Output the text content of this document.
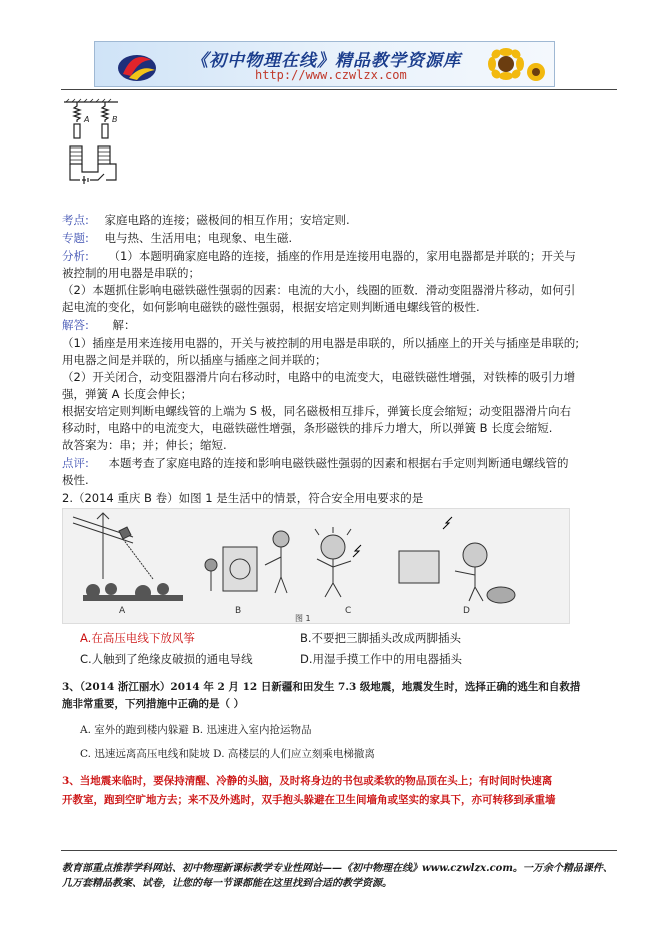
《初中物理在线》精品教学资源库
http://www.czwlzx.com
A	B
考点: 家庭电路的连接；磁极间的相互作用；安培定则.
专题: 电与热、生活用电；电现象、电生磁.
分析: （1）本题明确家庭电路的连接，插座的作用是连接用电器的，家用电器都是并联的；开关与
被控制的用电器是串联的；
（2）本题抓住影响电磁铁磁性强弱的因素：电流的大小，线圈的匝数．滑动变阻器滑片移动，如何引
起电流的变化，如何影响电磁铁的磁性强弱，根据安培定则判断通电螺线管的极性.
解答: 解：
（1）插座是用来连接用电器的，开关与被控制的用电器是串联的，所以插座上的开关与插座是串联的;
用电器之间是并联的，所以插座与插座之间并联的；
（2）开关闭合，动变阻器滑片向右移动时，电路中的电流变大，电磁铁磁性增强，对铁棒的吸引力增
强，弹簧 A 长度会伸长；
根据安培定则判断电螺线管的上端为 S 极，同名磁极相互排斥，弹簧长度会缩短；动变阻器滑片向右
移动时，电路中的电流变大，电磁铁磁性增强，条形磁铁的排斥力增大，所以弹簧 B 长度会缩短.
故答案为：串；并；伸长；缩短.
点评: 本题考查了家庭电路的连接和影响电磁铁磁性强弱的因素和根据右手定则判断通电螺线管的
极性.
2.（2014 重庆 B 卷）如图 1 是生活中的情景，符合安全用电要求的是
A	B	C	D
图 1
A.在高压电线下放风筝	B.不要把三脚插头改成两脚插头
C.人触到了绝缘皮破损的通电导线	D.用湿手摸工作中的用电器插头
3、（2014 浙江丽水）2014 年 2 月 12 日新疆和田发生 7.3 级地震，地震发生时，选择正确的逃生和自救措
施非常重要，下列措施中正确的是（ ）
A. 室外的跑到楼内躲避 B. 迅速进入室内抢运物品
C. 迅速远离高压电线和陡坡 D. 高楼层的人们应立刻乘电梯撤离
3、当地震来临时，要保持清醒、冷静的头脑，及时将身边的书包或柔软的物品顶在头上；有时间时快速离
开教室，跑到空旷地方去；来不及外逃时，双手抱头躲避在卫生间墙角或坚实的家具下，亦可转移到承重墙
教育部重点推荐学科网站、初中物理新课标教学专业性网站——《初中物理在线》www.czwlzx.com。一万余个精品课件、
几万套精品教案、试卷，让您的每一节课都能在这里找到合适的教学资源。
